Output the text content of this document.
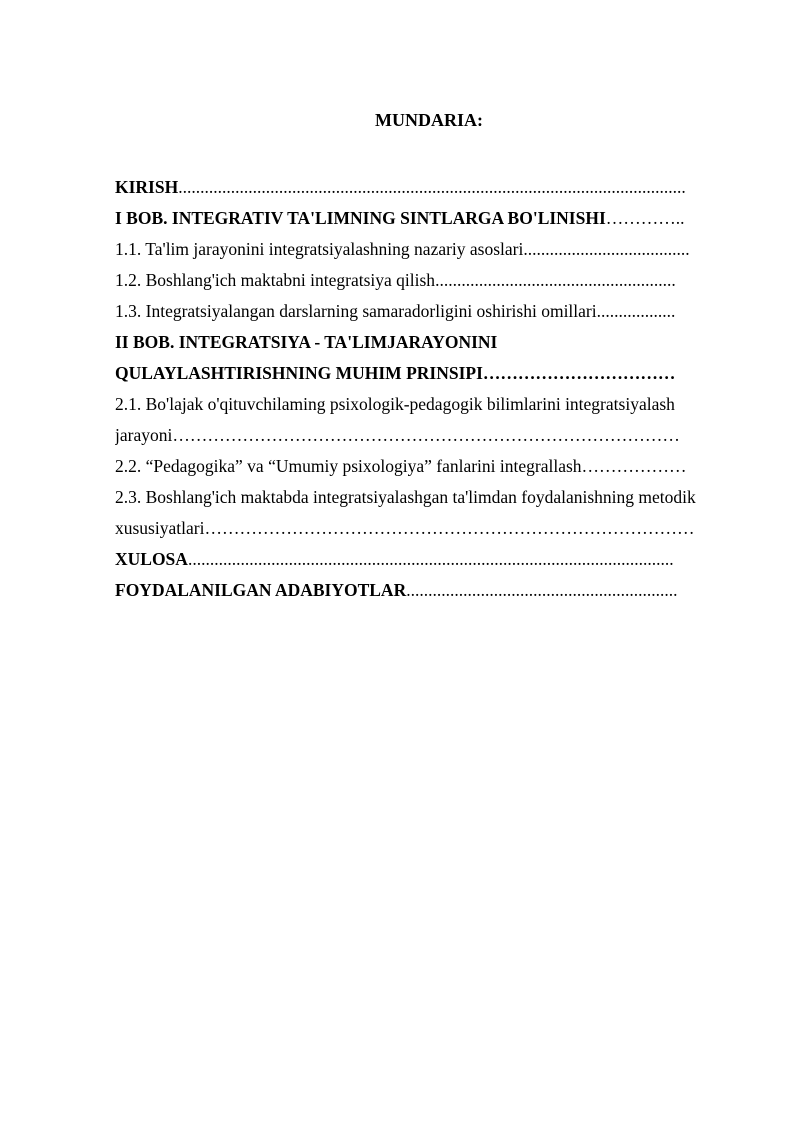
MUNDARIA:
KIRISH....................................................................................................................
I BOB. INTEGRATIV TA'LIMNING SINTLARGA BO'LINISHI…………..
1.1. Ta'lim jarayonini integratsiyalashning nazariy asoslari......................................
1.2. Boshlang'ich maktabni integratsiya qilish.......................................................
1.3. Integratsiyalangan darslarning samaradorligini oshirishi omillari..................
II BOB. INTEGRATSIYA - TA'LIMJARAYONINI
QULAYLASHTIRISHNING MUHIM PRINSIPI……………………………
2.1. Bo'lajak o'qituvchilaming psixologik-pedagogik bilimlarini integratsiyalash
jarayoni……………………………………………………………………………
2.2. “Pedagogika” va “Umumiy psixologiya” fanlarini integrallash………………
2.3. Boshlang'ich maktabda integratsiyalashgan ta'limdan foydalanishning metodik
xususiyatlari…………………………………………………………………………
XULOSA...............................................................................................................
FOYDALANILGAN ADABIYOTLAR..............................................................
